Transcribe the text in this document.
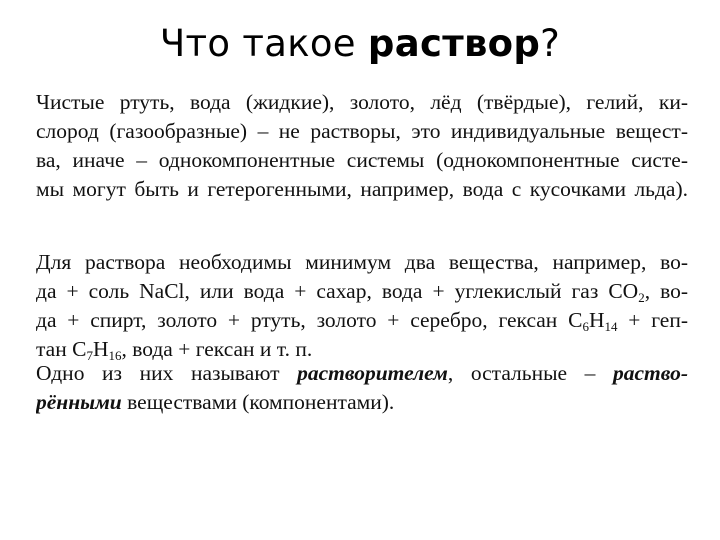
Что такое раствор?
Чистые ртуть, вода (жидкие), золото, лёд (твёрдые), гелий, ки-
слород (газообразные) – не растворы, это индивидуальные вещест-
ва, иначе – однокомпонентные системы (однокомпонентные систе-
мы могут быть и гетерогенными, например, вода с кусочками льда).
Для раствора необходимы минимум два вещества, например, во-
да + соль NaCl, или вода + сахар, вода + углекислый газ $CO_2$, во-
да + спирт, золото + ртуть, золото + серебро, гексан $C_6H_{14} + геп-$
тан $C_7H_{16}$, вода + гексан и т. п.
Одно из них называют растворителем, остальные – раство-
рёнными веществами (компонентами).
